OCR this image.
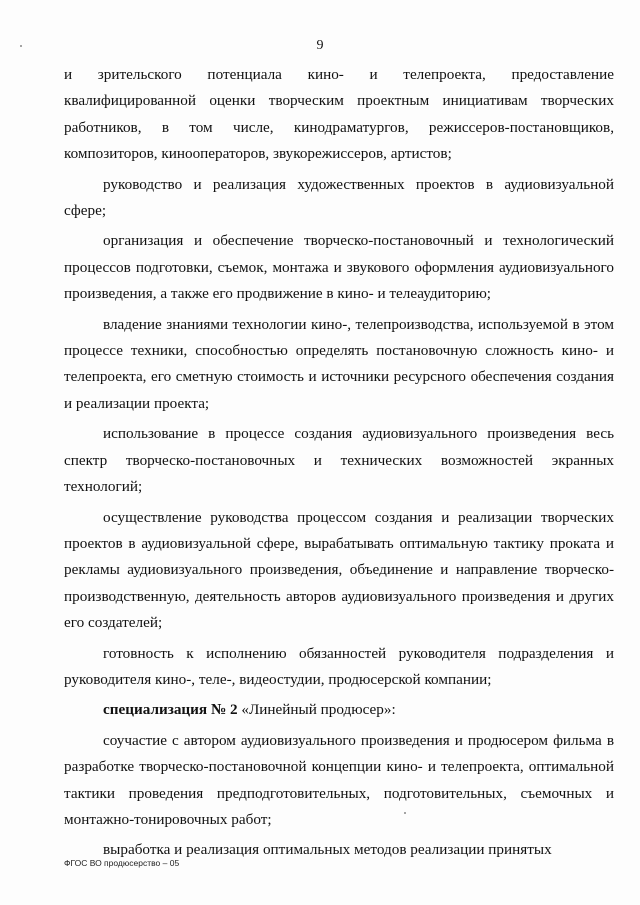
9

и зрительского потенциала кино- и телепроекта, предоставление квалифицированной оценки творческим проектным инициативам творческих работников, в том числе, кинодраматургов, режиссеров-постановщиков, композиторов, кинооператоров, звукорежиссеров, артистов;

руководство и реализация художественных проектов в аудиовизуальной сфере;

организация и обеспечение творческо-постановочный и технологический процессов подготовки, съемок, монтажа и звукового оформления аудиовизуального произведения, а также его продвижение в кино- и телеаудиторию;

владение знаниями технологии кино-, телепроизводства, используемой в этом процессе техники, способностью определять постановочную сложность кино- и телепроекта, его сметную стоимость и источники ресурсного обеспечения создания и реализации проекта;

использование в процессе создания аудиовизуального произведения весь спектр творческо-постановочных и технических возможностей экранных технологий;

осуществление руководства процессом создания и реализации творческих проектов в аудиовизуальной сфере, вырабатывать оптимальную тактику проката и рекламы аудиовизуального произведения, объединение и направление творческо-производственную, деятельность авторов аудиовизуального произведения и других его создателей;

готовность к исполнению обязанностей руководителя подразделения и руководителя кино-, теле-, видеостудии, продюсерской компании;

специализация № 2 «Линейный продюсер»:

соучастие с автором аудиовизуального произведения и продюсером фильма в разработке творческо-постановочной концепции кино- и телепроекта, оптимальной тактики проведения предподготовительных, подготовительных, съемочных и монтажно-тонировочных работ;

выработка и реализация оптимальных методов реализации принятых

ФГОС ВО продюсерство – 05
